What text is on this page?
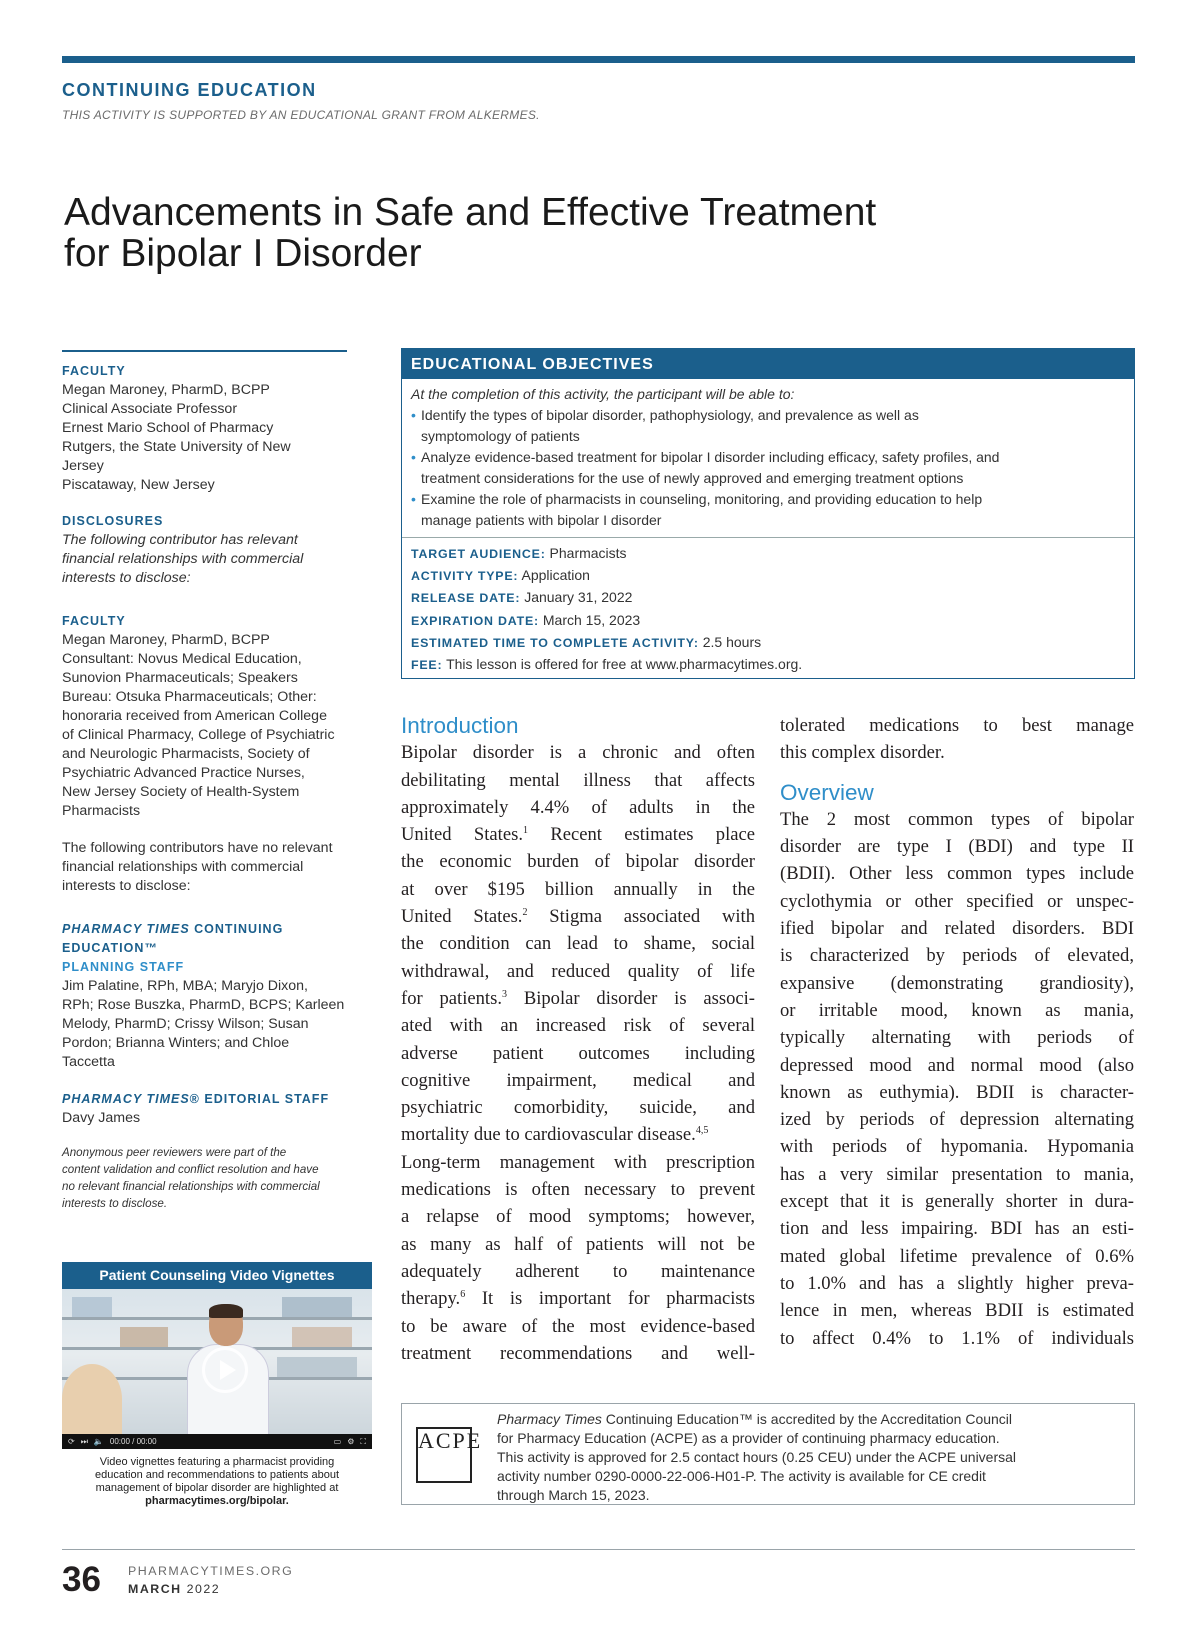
CONTINUING EDUCATION
THIS ACTIVITY IS SUPPORTED BY AN EDUCATIONAL GRANT FROM ALKERMES.
Advancements in Safe and Effective Treatment
for Bipolar I Disorder
FACULTY

Megan Maroney, PharmD, BCPP
Clinical Associate Professor
Ernest Mario School of Pharmacy
Rutgers, the State University of New
Jersey
Piscataway, New Jersey

DISCLOSURES

The following contributor has relevant
financial relationships with commercial
interests to disclose:

FACULTY

Megan Maroney, PharmD, BCPP
Consultant: Novus Medical Education,
Sunovion Pharmaceuticals; Speakers
Bureau: Otsuka Pharmaceuticals; Other:
honoraria received from American College
of Clinical Pharmacy, College of Psychiatric
and Neurologic Pharmacists, Society of
Psychiatric Advanced Practice Nurses,
New Jersey Society of Health-System
Pharmacists

The following contributors have no relevant
financial relationships with commercial
interests to disclose:

PHARMACY TIMES CONTINUING
EDUCATION™
PLANNING STAFF

Jim Palatine, RPh, MBA; Maryjo Dixon,
RPh; Rose Buszka, PharmD, BCPS; Karleen
Melody, PharmD; Crissy Wilson; Susan
Pordon; Brianna Winters; and Chloe
Taccetta

PHARMACY TIMES® EDITORIAL STAFF

Davy James

Anonymous peer reviewers were part of the
content validation and conflict resolution and have
no relevant financial relationships with commercial
interests to disclose.

Patient Counseling Video Vignettes
⟳ ⏭ 🔈 00:00 / 00:00	▭ ⚙ ⛶
Video vignettes featuring a pharmacist providing
education and recommendations to patients about
management of bipolar disorder are highlighted at
pharmacytimes.org/bipolar.
EDUCATIONAL OBJECTIVES
At the completion of this activity, the participant will be able to:
• Identify the types of bipolar disorder, pathophysiology, and prevalence as well as
symptomology of patients
• Analyze evidence-based treatment for bipolar I disorder including efficacy, safety profiles, and
treatment considerations for the use of newly approved and emerging treatment options
• Examine the role of pharmacists in counseling, monitoring, and providing education to help
manage patients with bipolar I disorder
TARGET AUDIENCE: Pharmacists
ACTIVITY TYPE: Application
RELEASE DATE: January 31, 2022
EXPIRATION DATE: March 15, 2023
ESTIMATED TIME TO COMPLETE ACTIVITY: 2.5 hours
FEE: This lesson is offered for free at www.pharmacytimes.org.
Introduction
Bipolar disorder is a chronic and often
debilitating mental illness that affects
approximately 4.4% of adults in the
United States.$^1$ Recent estimates place
the economic burden of bipolar disorder
at over $195 billion annually in the
United States.$^2$ Stigma associated with
the condition can lead to shame, social
withdrawal, and reduced quality of life
for patients.$^3$ Bipolar disorder is associ-
ated with an increased risk of several
adverse patient outcomes including
cognitive impairment, medical and
psychiatric comorbidity, suicide, and
mortality due to cardiovascular disease.$^{4,5}$
Long-term management with prescription
medications is often necessary to prevent
a relapse of mood symptoms; however,
as many as half of patients will not be
adequately adherent to maintenance
therapy.$^6$ It is important for pharmacists
to be aware of the most evidence-based
treatment recommendations and well-
tolerated medications to best manage
this complex disorder.
Overview
The 2 most common types of bipolar
disorder are type I (BDI) and type II
(BDII). Other less common types include
cyclothymia or other specified or unspec-
ified bipolar and related disorders. BDI
is characterized by periods of elevated,
expansive (demonstrating grandiosity),
or irritable mood, known as mania,
typically alternating with periods of
depressed mood and normal mood (also
known as euthymia). BDII is character-
ized by periods of depression alternating
with periods of hypomania. Hypomania
has a very similar presentation to mania,
except that it is generally shorter in dura-
tion and less impairing. BDI has an esti-
mated global lifetime prevalence of 0.6%
to 1.0% and has a slightly higher preva-
lence in men, whereas BDII is estimated
to affect 0.4% to 1.1% of individuals
ACPE
Pharmacy Times Continuing Education™ is accredited by the Accreditation Council
for Pharmacy Education (ACPE) as a provider of continuing pharmacy education.
This activity is approved for 2.5 contact hours (0.25 CEU) under the ACPE universal
activity number 0290-0000-22-006-H01-P. The activity is available for CE credit
through March 15, 2023.
36 PHARMACYTIMES.ORG
MARCH 2022
